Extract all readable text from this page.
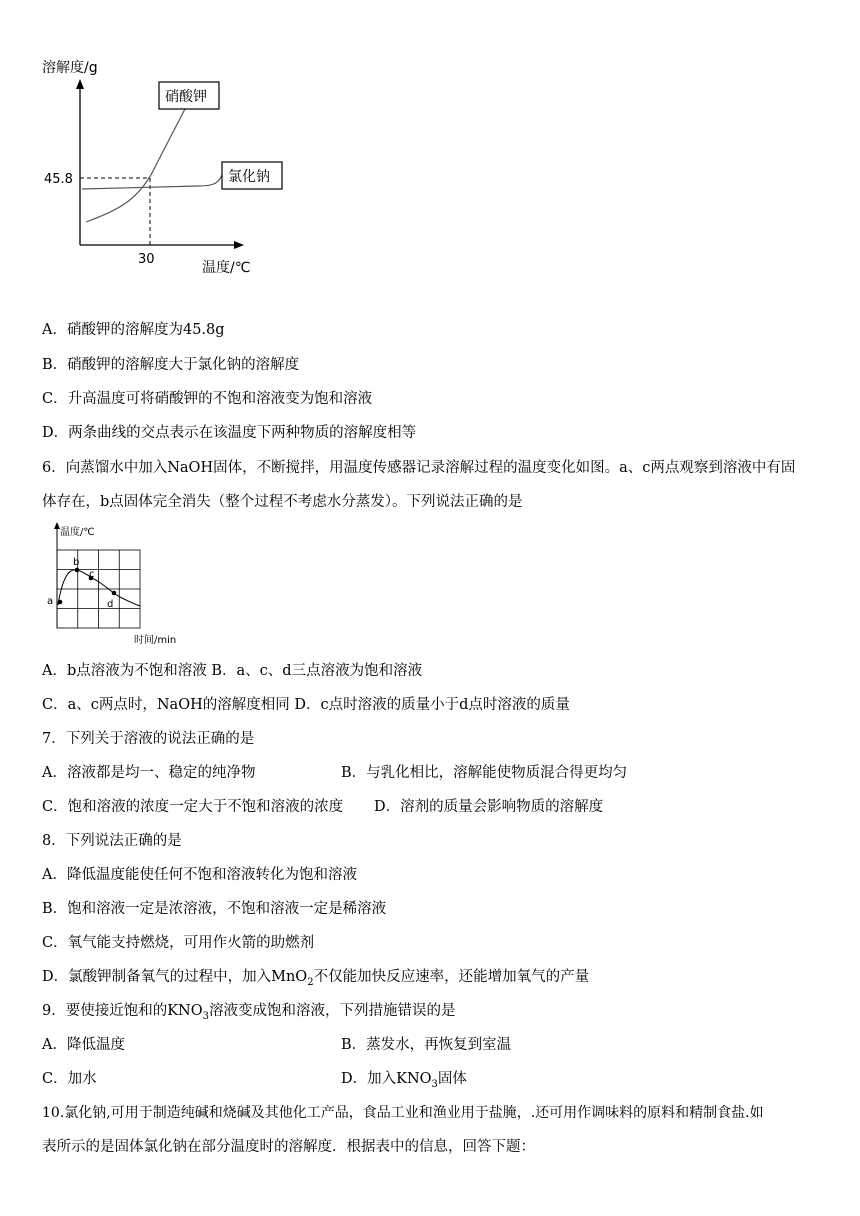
溶解度/g
45.8
30
温度/℃
硝酸钾
氯化钠
A．硝酸钾的溶解度为45.8g
B．硝酸钾的溶解度大于氯化钠的溶解度
C．升高温度可将硝酸钾的不饱和溶液变为饱和溶液
D．两条曲线的交点表示在该温度下两种物质的溶解度相等
6．向蒸馏水中加入NaOH固体，不断搅拌，用温度传感器记录溶解过程的温度变化如图。a、c两点观察到溶液中有固
体存在，b点固体完全消失（整个过程不考虑水分蒸发）。下列说法正确的是
温度/℃
a
b
c
d
时间/min
A．b点溶液为不饱和溶液 B．a、c、d三点溶液为饱和溶液
C．a、c两点时，NaOH的溶解度相同 D．c点时溶液的质量小于d点时溶液的质量
7．下列关于溶液的说法正确的是
A．溶液都是均一、稳定的纯净物	B．与乳化相比，溶解能使物质混合得更均匀
C．饱和溶液的浓度一定大于不饱和溶液的浓度 D．溶剂的质量会影响物质的溶解度
8．下列说法正确的是
A．降低温度能使任何不饱和溶液转化为饱和溶液
B．饱和溶液一定是浓溶液，不饱和溶液一定是稀溶液
C．氧气能支持燃烧，可用作火箭的助燃剂
D．氯酸钾制备氧气的过程中，加入MnO$_2$不仅能加快反应速率，还能增加氧气的产量
9．要使接近饱和的$KNO_3$溶液变成饱和溶液，下列措施错误的是
A．降低温度	B．蒸发水，再恢复到室温
C．加水	D．加入$KNO_3$固体
10.氯化钠,可用于制造纯碱和烧碱及其他化工产品，食品工业和渔业用于盐腌，.还可用作调味料的原料和精制食盐.如
表所示的是固体氯化钠在部分温度时的溶解度．根据表中的信息，回答下题：
